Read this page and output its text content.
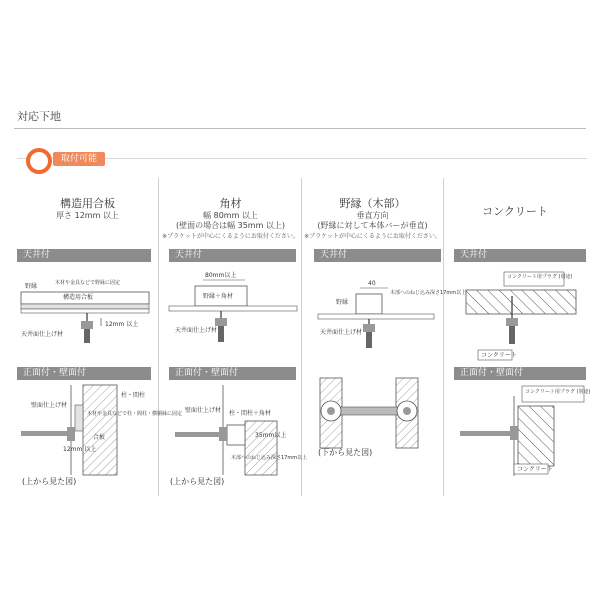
対応下地
取付可能
構造用合板
厚さ 12mm 以上
天井付
野縁	木材や金具などで野縁に固定
構造用合板
天井面仕上げ材
12mm 以上
正面付・壁面付
壁面仕上げ材
柱・間柱
木材や金具などで柱・間柱・横胴縁に固定
合板
12mm 以上
(上から見た図)
角材
幅 80mm 以上
(壁面の場合は幅 35mm 以上)
※ブラケットが中心にくるようにお取付ください。
天井付
80mm以上
野縁＋角材
天井面仕上げ材
正面付・壁面付
壁面仕上げ材 柱・間柱＋角材
35mm以上
木部へのねじ込み深さ17mm以上
(上から見た図)
野縁（木部）
垂直方向
(野縁に対して本体バーが垂直)
※ブラケットが中心にくるようにお取付ください。
天井付
40
木部へのねじ込み深さ17mm以上
野縁
天井面仕上げ材
(下から見た図)
コンクリート
天井付
コンクリート用プラグ (別途)
コンクリート
正面付・壁面付
コンクリート用プラグ (別途)
コンクリート
